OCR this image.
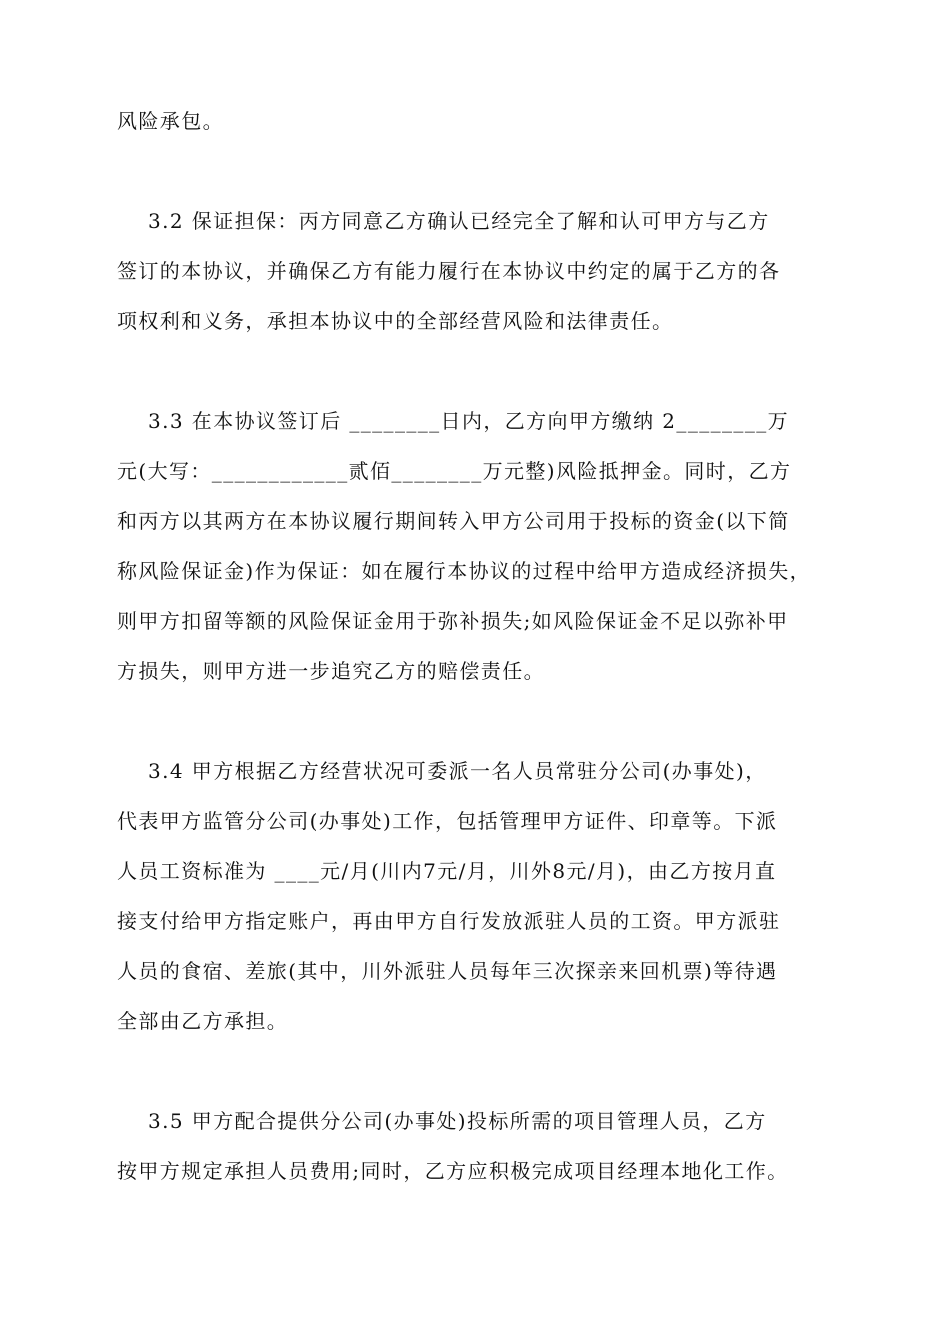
风险承包。
3.2 保证担保：丙方同意乙方确认已经完全了解和认可甲方与乙方
签订的本协议，并确保乙方有能力履行在本协议中约定的属于乙方的各
项权利和义务，承担本协议中的全部经营风险和法律责任。
3.3 在本协议签订后 ________日内，乙方向甲方缴纳 2________万
元(大写：____________贰佰________万元整)风险抵押金。同时，乙方
和丙方以其两方在本协议履行期间转入甲方公司用于投标的资金(以下简
称风险保证金)作为保证：如在履行本协议的过程中给甲方造成经济损失，
则甲方扣留等额的风险保证金用于弥补损失;如风险保证金不足以弥补甲
方损失，则甲方进一步追究乙方的赔偿责任。
3.4 甲方根据乙方经营状况可委派一名人员常驻分公司(办事处)，
代表甲方监管分公司(办事处)工作，包括管理甲方证件、印章等。下派
人员工资标准为 ____元/月(川内7元/月，川外8元/月)，由乙方按月直
接支付给甲方指定账户，再由甲方自行发放派驻人员的工资。甲方派驻
人员的食宿、差旅(其中，川外派驻人员每年三次探亲来回机票)等待遇
全部由乙方承担。
3.5 甲方配合提供分公司(办事处)投标所需的项目管理人员，乙方
按甲方规定承担人员费用;同时，乙方应积极完成项目经理本地化工作。
